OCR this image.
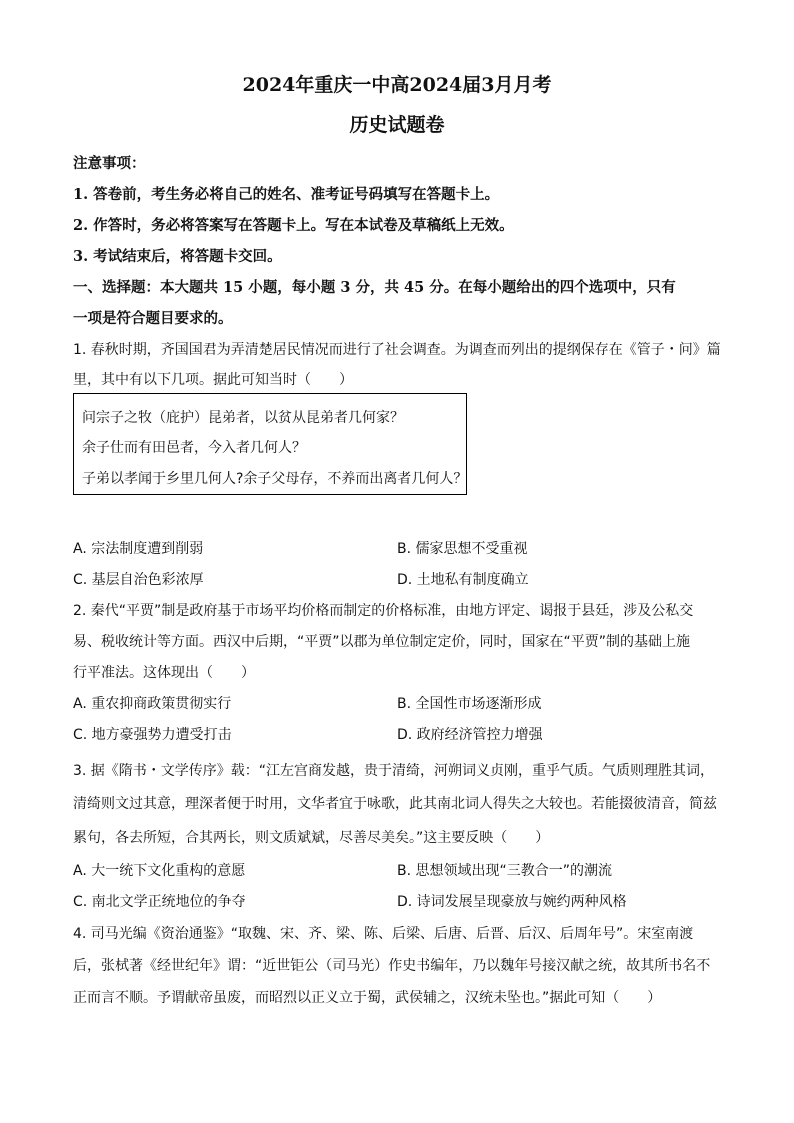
2024年重庆一中高2024届3月月考
历史试题卷
注意事项：
1. 答卷前，考生务必将自己的姓名、准考证号码填写在答题卡上。
2. 作答时，务必将答案写在答题卡上。写在本试卷及草稿纸上无效。
3. 考试结束后，将答题卡交回。
一、选择题：本大题共 15 小题，每小题 3 分，共 45 分。在每小题给出的四个选项中，只有
一项是符合题目要求的。
1. 春秋时期，齐国国君为弄清楚居民情况而进行了社会调查。为调查而列出的提纲保存在《管子・问》篇
里，其中有以下几项。据此可知当时（　　）
问宗子之牧（庇护）昆弟者，以贫从昆弟者几何家？
余子仕而有田邑者，今入者几何人？
子弟以孝闻于乡里几何人?余子父母存，不养而出离者几何人？
A. 宗法制度遭到削弱	B. 儒家思想不受重视
C. 基层自治色彩浓厚	D. 土地私有制度确立
2. 秦代“平贾”制是政府基于市场平均价格而制定的价格标准，由地方评定、谒报于县廷，涉及公私交
易、税收统计等方面。西汉中后期，“平贾”以郡为单位制定定价，同时，国家在“平贾”制的基础上施
行平准法。这体现出（　　）
A. 重农抑商政策贯彻实行	B. 全国性市场逐渐形成
C. 地方豪强势力遭受打击	D. 政府经济管控力增强
3. 据《隋书・文学传序》载：“江左宫商发越，贵于清绮，河朔词义贞刚，重乎气质。气质则理胜其词，
清绮则文过其意，理深者便于时用，文华者宜于咏歌，此其南北词人得失之大较也。若能掇彼清音，简兹
累句，各去所短，合其两长，则文质斌斌，尽善尽美矣。”这主要反映（　　）
A. 大一统下文化重构的意愿	B. 思想领域出现“三教合一”的潮流
C. 南北文学正统地位的争夺	D. 诗词发展呈现豪放与婉约两种风格
4. 司马光编《资治通鉴》“取魏、宋、齐、梁、陈、后梁、后唐、后晋、后汉、后周年号”。宋室南渡
后，张栻著《经世纪年》谓：“近世钜公（司马光）作史书编年，乃以魏年号接汉献之统，故其所书名不
正而言不顺。予谓献帝虽废，而昭烈以正义立于蜀，武侯辅之，汉统未坠也。”据此可知（　　）
